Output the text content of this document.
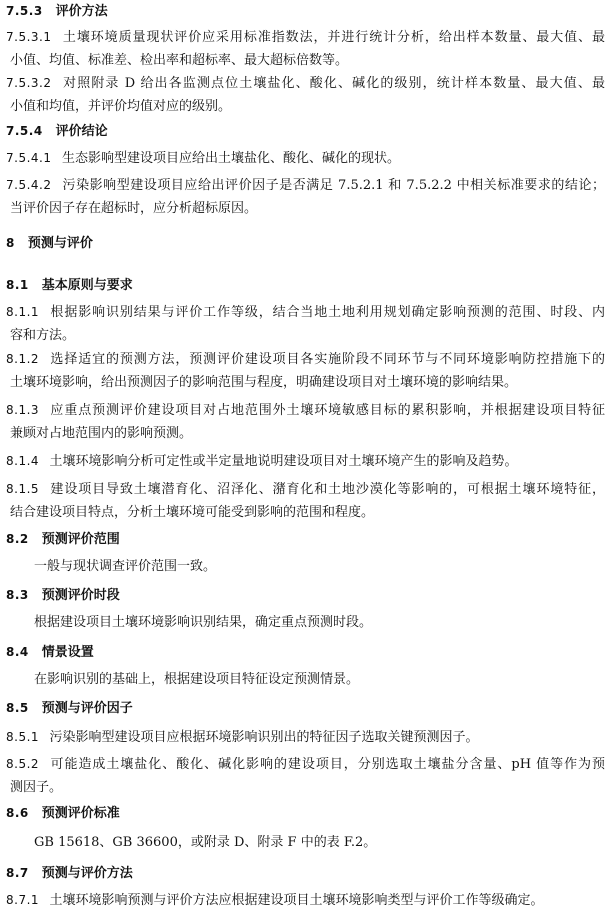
7.5.3  评价方法
7.5.3.1  土壤环境质量现状评价应采用标准指数法，并进行统计分析，给出样本数量、最大值、最
小值、均值、标准差、检出率和超标率、最大超标倍数等。
7.5.3.2  对照附录 D 给出各监测点位土壤盐化、酸化、碱化的级别，统计样本数量、最大值、最
小值和均值，并评价均值对应的级别。
7.5.4  评价结论
7.5.4.1  生态影响型建设项目应给出土壤盐化、酸化、碱化的现状。
7.5.4.2  污染影响型建设项目应给出评价因子是否满足 7.5.2.1 和 7.5.2.2 中相关标准要求的结论；
当评价因子存在超标时，应分析超标原因。
8  预测与评价
8.1  基本原则与要求
8.1.1  根据影响识别结果与评价工作等级，结合当地土地利用规划确定影响预测的范围、时段、内
容和方法。
8.1.2  选择适宜的预测方法，预测评价建设项目各实施阶段不同环节与不同环境影响防控措施下的
土壤环境影响，给出预测因子的影响范围与程度，明确建设项目对土壤环境的影响结果。
8.1.3  应重点预测评价建设项目对占地范围外土壤环境敏感目标的累积影响，并根据建设项目特征
兼顾对占地范围内的影响预测。
8.1.4  土壤环境影响分析可定性或半定量地说明建设项目对土壤环境产生的影响及趋势。
8.1.5  建设项目导致土壤潜育化、沼泽化、潴育化和土地沙漠化等影响的，可根据土壤环境特征，
结合建设项目特点，分析土壤环境可能受到影响的范围和程度。
8.2  预测评价范围
一般与现状调查评价范围一致。
8.3  预测评价时段
根据建设项目土壤环境影响识别结果，确定重点预测时段。
8.4  情景设置
在影响识别的基础上，根据建设项目特征设定预测情景。
8.5  预测与评价因子
8.5.1  污染影响型建设项目应根据环境影响识别出的特征因子选取关键预测因子。
8.5.2  可能造成土壤盐化、酸化、碱化影响的建设项目，分别选取土壤盐分含量、pH 值等作为预
测因子。
8.6  预测评价标准
GB 15618、GB 36600，或附录 D、附录 F 中的表 F.2。
8.7  预测与评价方法
8.7.1  土壤环境影响预测与评价方法应根据建设项目土壤环境影响类型与评价工作等级确定。
